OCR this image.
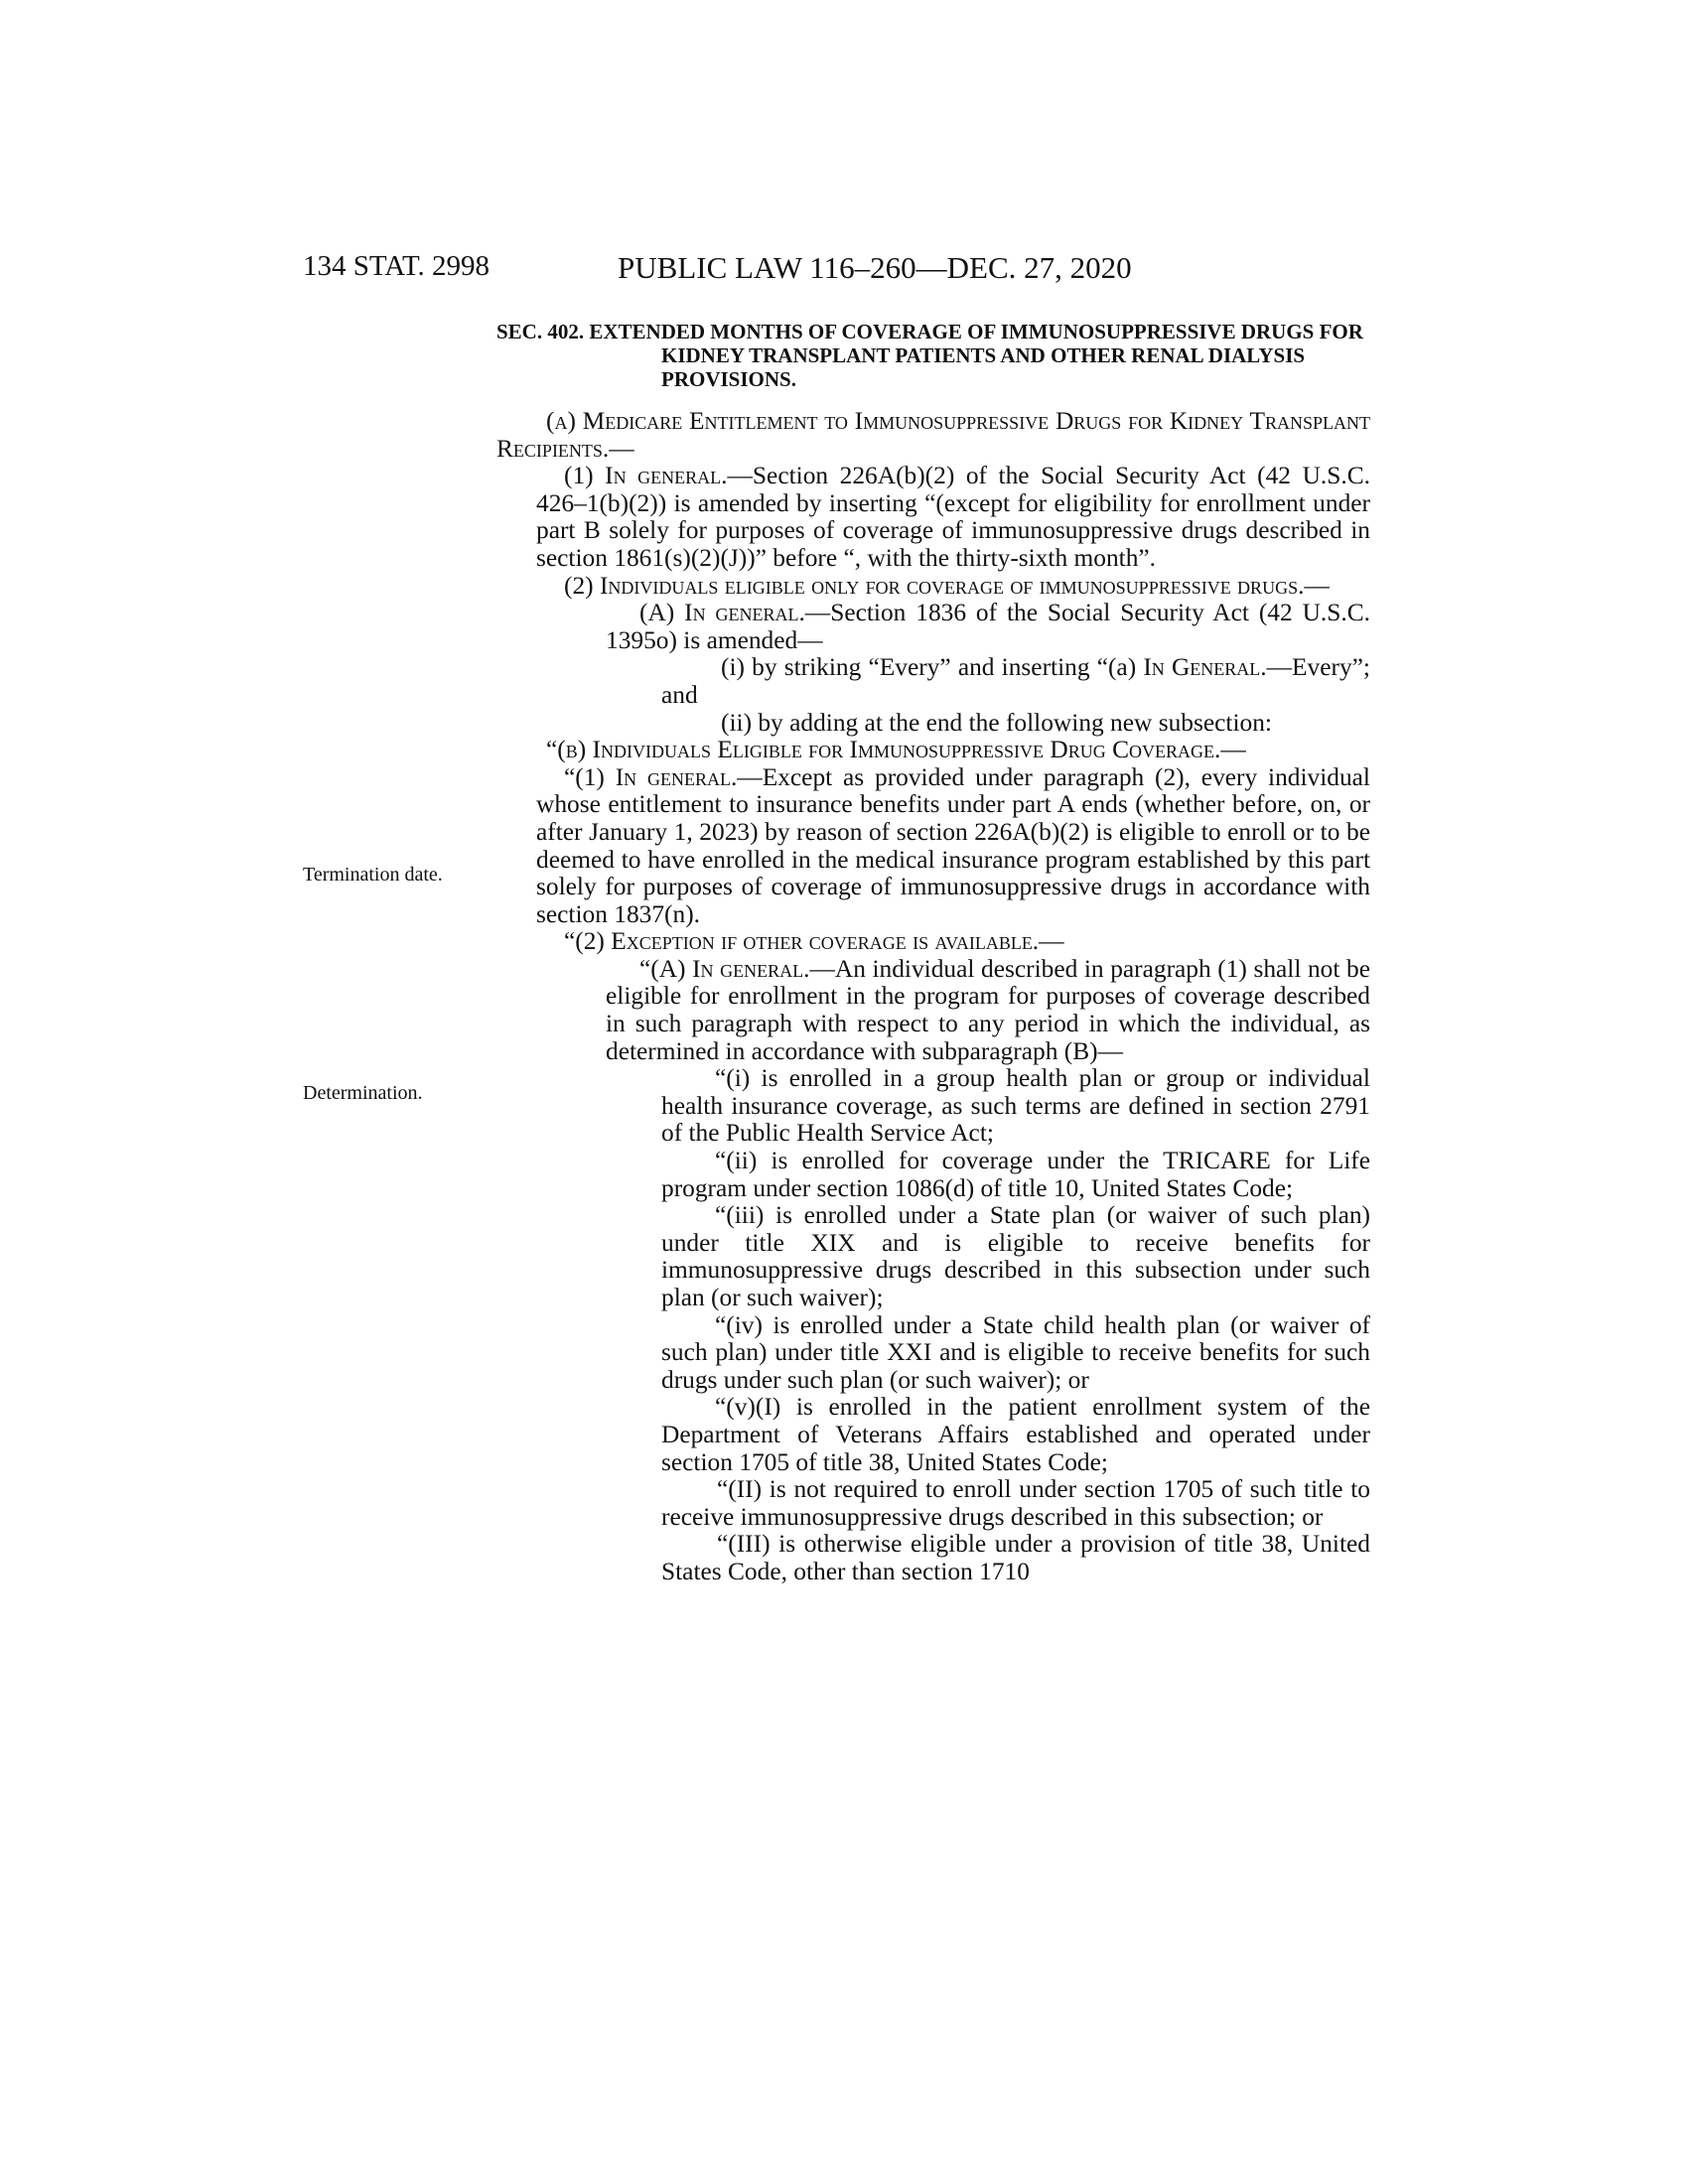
134 STAT. 2998	PUBLIC LAW 116–260—DEC. 27, 2020
Termination date.
Determination.

SEC. 402. EXTENDED MONTHS OF COVERAGE OF IMMUNOSUPPRESSIVE DRUGS FOR KIDNEY TRANSPLANT PATIENTS AND OTHER RENAL DIALYSIS PROVISIONS.

(a) Medicare Entitlement to Immunosuppressive Drugs for Kidney Transplant Recipients.—

(1) In general.—Section 226A(b)(2) of the Social Security Act (42 U.S.C. 426–1(b)(2)) is amended by inserting “(except for eligibility for enrollment under part B solely for purposes of coverage of immunosuppressive drugs described in section 1861(s)(2)(J))” before “, with the thirty-sixth month”.

(2) Individuals eligible only for coverage of immunosuppressive drugs.—

(A) In general.—Section 1836 of the Social Security Act (42 U.S.C. 1395o) is amended—

(i) by striking “Every” and inserting “(a) In General.—Every”; and

(ii) by adding at the end the following new subsection:

“(b) Individuals Eligible for Immunosuppressive Drug Coverage.—

“(1) In general.—Except as provided under paragraph (2), every individual whose entitlement to insurance benefits under part A ends (whether before, on, or after January 1, 2023) by reason of section 226A(b)(2) is eligible to enroll or to be deemed to have enrolled in the medical insurance program established by this part solely for purposes of coverage of immunosuppressive drugs in accordance with section 1837(n).

“(2) Exception if other coverage is available.—

“(A) In general.—An individual described in paragraph (1) shall not be eligible for enrollment in the program for purposes of coverage described in such paragraph with respect to any period in which the individual, as determined in accordance with subparagraph (B)—

“(i) is enrolled in a group health plan or group or individual health insurance coverage, as such terms are defined in section 2791 of the Public Health Service Act;

“(ii) is enrolled for coverage under the TRICARE for Life program under section 1086(d) of title 10, United States Code;

“(iii) is enrolled under a State plan (or waiver of such plan) under title XIX and is eligible to receive benefits for immunosuppressive drugs described in this subsection under such plan (or such waiver);

“(iv) is enrolled under a State child health plan (or waiver of such plan) under title XXI and is eligible to receive benefits for such drugs under such plan (or such waiver); or

“(v)(I) is enrolled in the patient enrollment system of the Department of Veterans Affairs established and operated under section 1705 of title 38, United States Code;

“(II) is not required to enroll under section 1705 of such title to receive immunosuppressive drugs described in this subsection; or

“(III) is otherwise eligible under a provision of title 38, United States Code, other than section 1710
